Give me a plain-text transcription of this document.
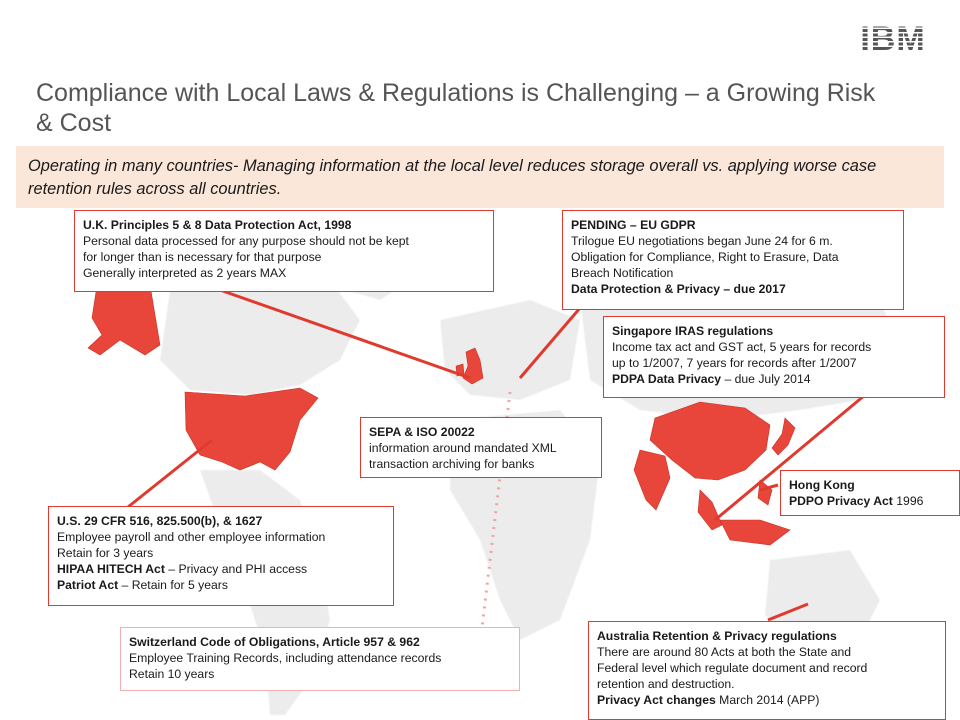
IBM
Compliance with Local Laws & Regulations is Challenging – a Growing Risk & Cost
Operating in many countries- Managing information at the local level reduces storage overall vs. applying worse case retention rules across all countries.
U.K. Principles 5 & 8 Data Protection Act, 1998
Personal data processed for any purpose should not be kept
for longer than is necessary for that purpose
Generally interpreted as 2 years MAX
PENDING – EU GDPR
Trilogue EU negotiations began June 24 for 6 m.
Obligation for Compliance, Right to Erasure, Data
Breach Notification
Data Protection & Privacy – due 2017
Singapore IRAS regulations
Income tax act and GST act, 5 years for records
up to 1/2007, 7 years for records after 1/2007
PDPA Data Privacy – due July 2014
SEPA & ISO 20022
information around mandated XML
transaction archiving for banks
Hong Kong
PDPO Privacy Act 1996
U.S. 29 CFR 516, 825.500(b), & 1627
Employee payroll and other employee information
Retain for 3 years
HIPAA HITECH Act – Privacy and PHI access
Patriot Act – Retain for 5 years
Switzerland Code of Obligations, Article 957 & 962
Employee Training Records, including attendance records
Retain 10 years
Australia Retention & Privacy regulations
There are around 80 Acts at both the State and
Federal level which regulate document and record
retention and destruction.
Privacy Act changes March 2014 (APP)
